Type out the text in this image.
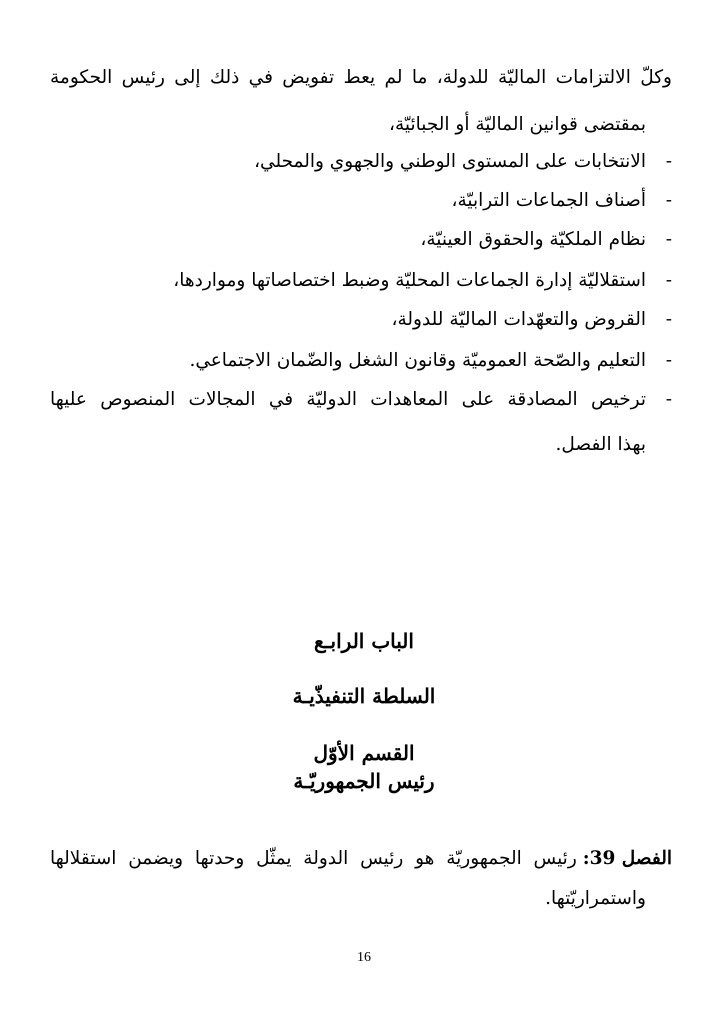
وكلّ الالتزامات الماليّة للدولة، ما لم يعط تفويض في ذلك إلى رئيس الحكومة
بمقتضى قوانين الماليّة أو الجبائيّة،
-الانتخابات على المستوى الوطني والجهوي والمحلي،
-أصناف الجماعات الترابيّة،
-نظام الملكيّة والحقوق العينيّة،
-استقلاليّة إدارة الجماعات المحليّة وضبط اختصاصاتها ومواردها،
-القروض والتعهّدات الماليّة للدولة،
-التعليم والصّحة العموميّة وقانون الشغل والضّمان الاجتماعي.
-
ترخيص المصادقة على المعاهدات الدوليّة في المجالات المنصوص عليها
بهذا الفصل.
الباب الرابـع
السلطة التنفيذّيـة
القسم الأوّل
رئيس الجمهوريّـة
الفصل 39:
رئيس الجمهوريّة هو رئيس الدولة يمثّل وحدتها ويضمن استقلالها
واستمراريّتها.
16
